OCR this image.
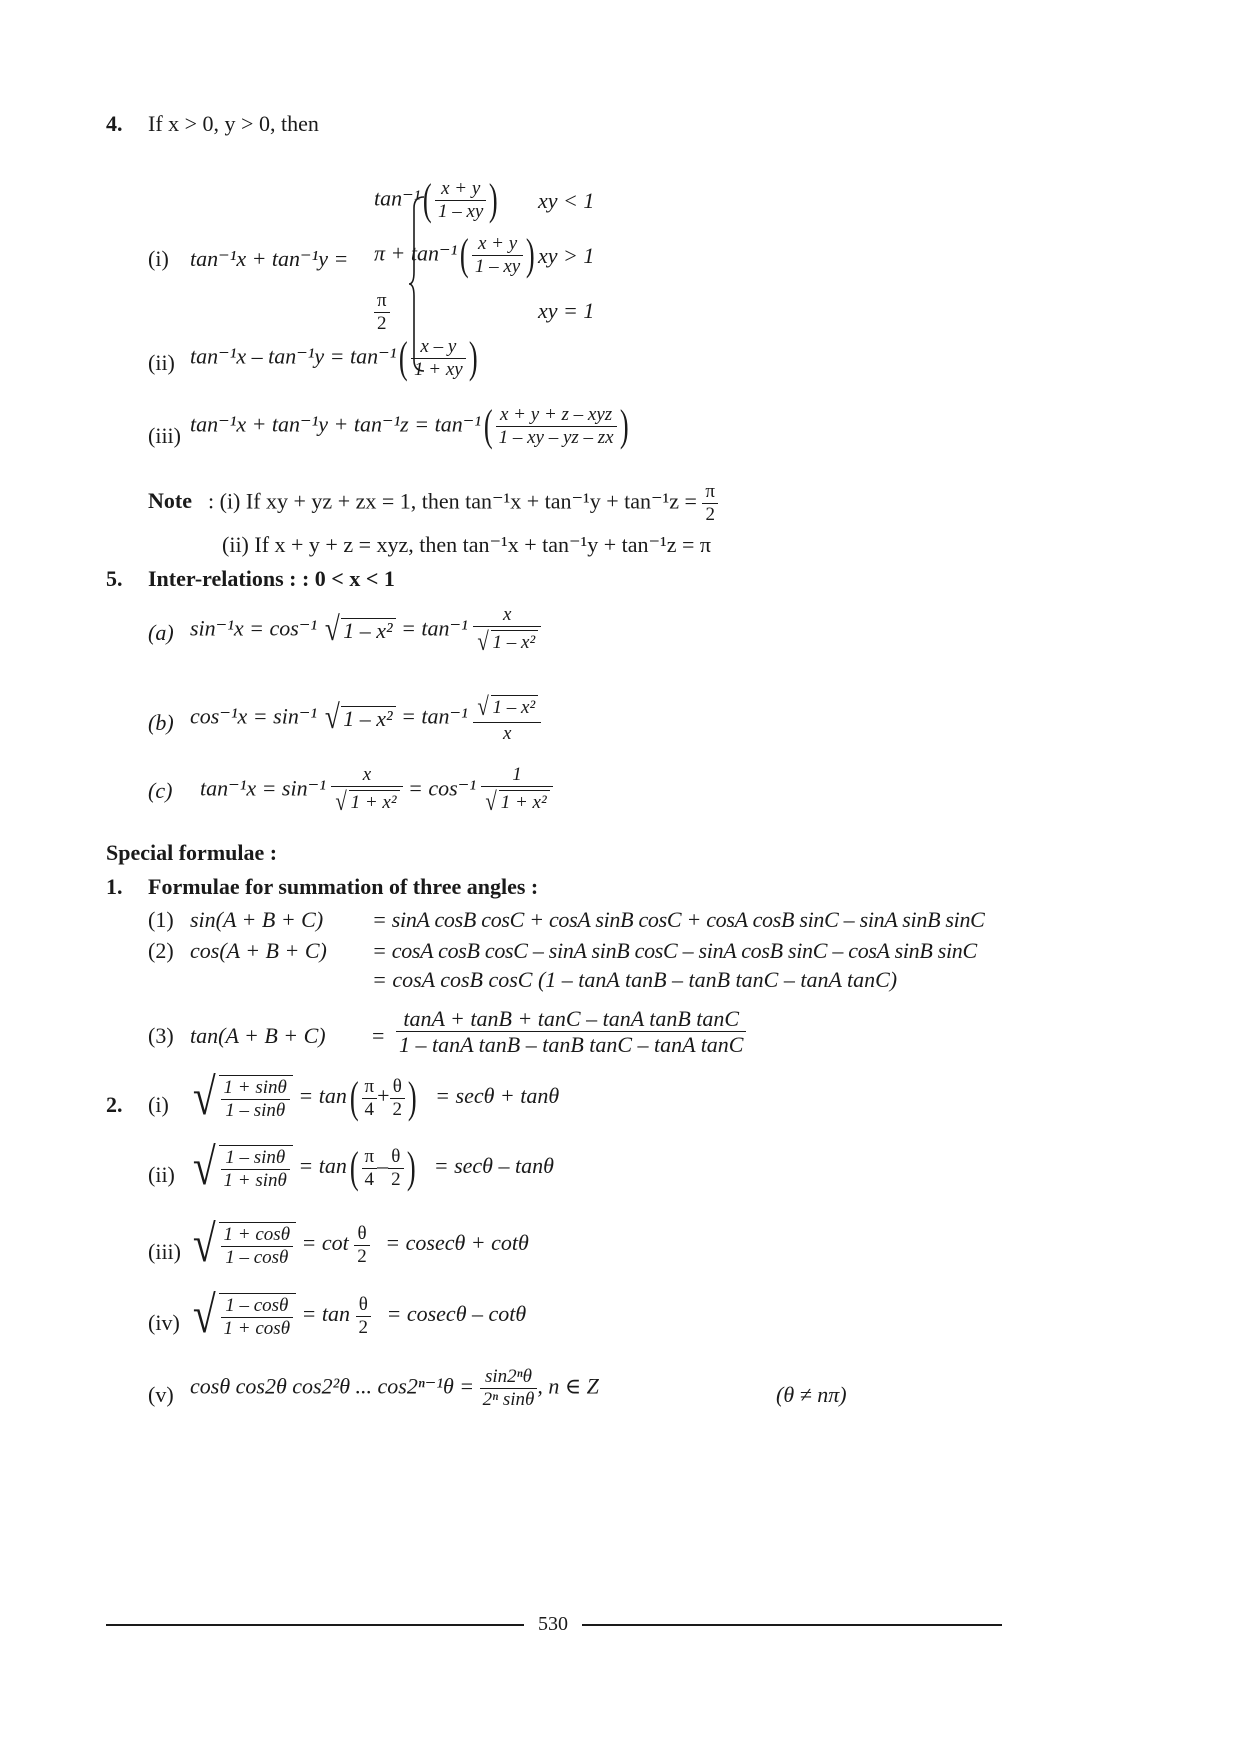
4. If x > 0, y > 0, then
(i) tan⁻¹x + tan⁻¹y =
$\tan^{-1}( \frac{x + y}{1 - xy}$ ) xy < 1
$\pi + \tan^{-1}( \frac{x + y}{1 - xy}$ ) xy > 1
$\frac{\pi}{2}$	xy = 1
(ii) $\tan^{-1}x - \tan^{-1}y = \tan^{-1}( \frac{x - y}{1 + xy}$ )
(iii) $\tan^{-1}x + \tan^{-1}y + \tan^{-1}z = \tan^{-1}( \frac{\text{x + y + z – xyz}}{1 - xy - yz - zx}$ )
Note : (i) If xy + yz + zx = 1, then $\tan^{-1}x + \tan^{-1}y + \tan^{-1}z = \frac{\pi}{2}$
(ii) If x + y + z = xyz, then tan⁻¹x + tan⁻¹y + tan⁻¹z = π
5. Inter-relations : : 0 < x < 1
(a) sin⁻¹x = cos⁻¹ √ $1 - x^2 = \tan^{-1} \frac{x}{\text{√ 1 – x²}}$
(b) cos⁻¹x = sin⁻¹ √ $1 - x^2 = \tan^{-1} \frac{\text{√ 1 – x²}}{x}$
(c) $\tan^{-1}x = \sin^{-1} \frac{x}{\text{√ 1 + x²}} = \cos^{-1} \frac{1}{\text{√ 1 + x²}}$
Special formulae :
1. Formulae for summation of three angles :
(1) sin(A + B + C) = sinA cosB cosC + cosA sinB cosC + cosA cosB sinC – sinA sinB sinC
(2) cos(A + B + C) = cosA cosB cosC – sinA sinB cosC – sinA cosB sinC – cosA sinB sinC
= cosA cosB cosC (1 – tanA tanB – tanB tanC – tanA tanC)
(3) $\tan(A + B + C) = \frac{\text{tanA + tanB + tanC – tanA tanB tanC}}{\text{1 – tanA tanB – tanB tanC – tanA tanC}}$
2. (i) √ $\frac{1 + \sin\theta}{1 - \sin\theta} = \tan( \frac{\pi}{4} + \frac{\theta}{2}$ ) = secθ + tanθ
(ii) √ $\frac{1 - \sin\theta}{1 + \sin\theta} = \tan( \frac{\pi}{4} - \frac{\theta}{2}$ ) = secθ – tanθ
(iii) √ $\frac{1 + \cos\theta}{1 - \cos\theta} = \cot \frac{\theta}{2} = cosec\theta + \cot\theta$
(iv) √ $\frac{1 - \cos\theta}{1 + \cos\theta} = \tan \frac{\theta}{2} = cosec\theta - \cot\theta$
(v) cosθ cos2θ cos2²θ ... $\cos 2^{n-1}\theta = \frac{\text{sin2ⁿθ}}{\text{2ⁿ sinθ}}$ , n ∈ Z	(θ ≠ nπ)
530
